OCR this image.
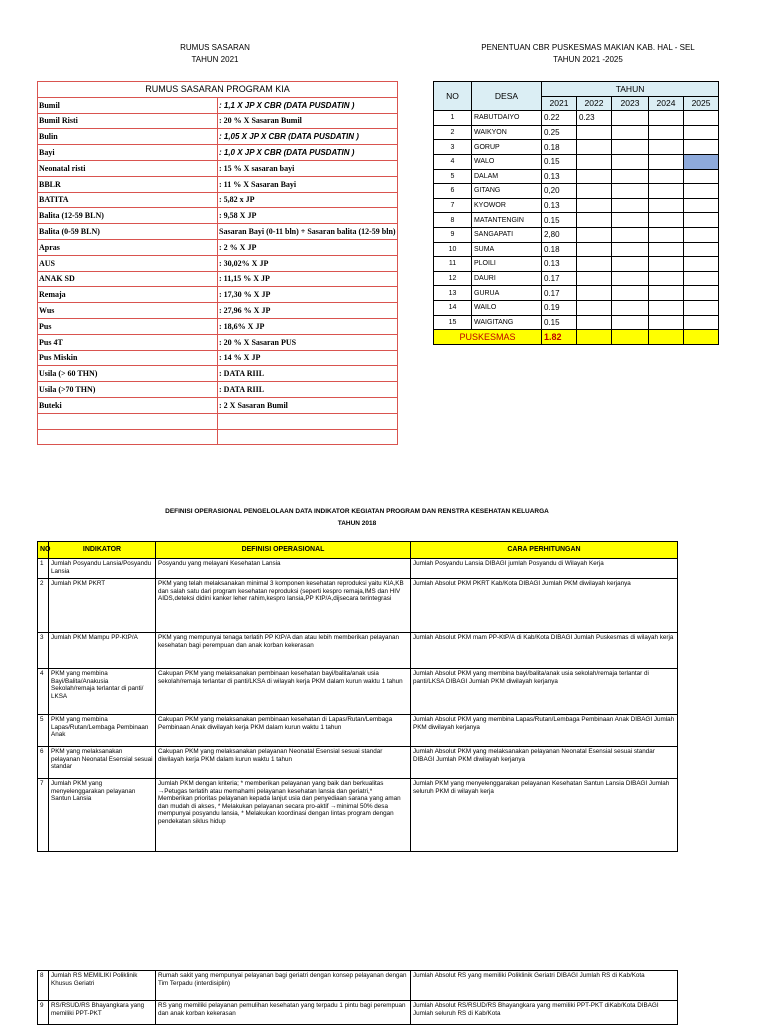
RUMUS SASARAN
TAHUN 2021
PENENTUAN CBR PUSKESMAS MAKIAN KAB. HAL - SEL
TAHUN 2021 -2025
RUMUS SASARAN PROGRAM KIA	
Bumil	: 1,1 X JP X CBR (DATA PUSDATIN )
Bumil Risti	: 20 % X Sasaran Bumil
Bulin	: 1,05 X JP X CBR (DATA PUSDATIN )
Bayi	: 1,0 X JP X CBR (DATA PUSDATIN )
Neonatal risti	: 15 % X sasaran bayi
BBLR	: 11 % X Sasaran Bayi
BATITA	: 5,82 x JP
Balita (12-59 BLN)	: 9,58 X JP
Balita (0-59 BLN)	Sasaran Bayi (0-11 bln) + Sasaran balita (12-59 bln)
Apras	: 2 % X JP
AUS	: 30,02% X JP
ANAK SD	: 11,15 % X JP
Remaja	: 17,30 % X JP
Wus	: 27,96 % X JP
Pus	: 18,6% X JP
Pus 4T	: 20 % X Sasaran PUS
Pus Miskin	: 14 % X JP
Usila (> 60 THN)	: DATA RIIL
Usila (>70 THN)	: DATA RIIL
Buteki	: 2 X Sasaran Bumil

NO	DESA	TAHUN				
		2021	2022	2023	2024	2025
1	RABUTDAIYO	0.22	0.23			
2	WAIKYON	0.25				
3	GORUP	0.18				
4	WALO	0.15				
5	DALAM	0.13				
6	GITANG	0,20				
7	KYOWOR	0.13				
8	MATANTENGIN	0.15				
9	SANGAPATI	2,80				
10	SUMA	0.18				
11	PLOILI	0.13				
12	DAURI	0.17				
13	GURUA	0.17				
14	WAILO	0.19				
15	WAIGITANG	0.15				
PUSKESMAS		1.82				
DEFINISI OPERASIONAL PENGELOLAAN DATA INDIKATOR KEGIATAN PROGRAM DAN RENSTRA KESEHATAN KELUARGA
TAHUN 2018
NO	INDIKATOR	DEFINISI OPERASIONAL	CARA PERHITUNGAN
1	Jumlah Posyandu Lansia/Posyandu Lansia	Posyandu yang melayani Kesehatan Lansia	Jumlah Posyandu Lansia DIBAGI jumlah Posyandu di Wilayah Kerja
2	Jumlah PKM PKRT	PKM yang telah melaksanakan minimal 3 komponen kesehatan reproduksi yaitu KIA,KB dan salah satu dari program kesehatan reproduksi (seperti kespro remaja,IMS dan HIV AIDS,deteksi didini kanker leher rahim,kespro lansia,PP KtP/A,dijsecara terintegrasi	Jumlah Absolut PKM PKRT Kab/Kota DIBAGI Jumlah PKM diwilayah kerjanya
3	Jumlah PKM Mampu PP-KtP/A	PKM yang mempunyai tenaga terlatih PP KtP/A dan atau lebih memberikan pelayanan kesehatan bagi perempuan dan anak korban kekerasan	Jumlah Absolut PKM mam PP-KtP/A di Kab/Kota DIBAGI Jumlah Puskesmas di wilayah kerja
4	PKM yang membina Bayi/Balita/Anakusia Sekolah/remaja terlantar di panti/ LKSA	Cakupan PKM yang melaksanakan pembinaan kesehatan bayi/balita/anak usia sekolah/remaja terlantar di panti/LKSA di wilayah kerja PKM dalam kurun waktu 1 tahun	Jumlah Absolut PKM yang membina bayi/balita/anak usia sekolah/remaja terlantar di panti/LKSA DIBAGI Jumlah PKM diwilayah kerjanya
5	PKM yang membina Lapas/Rutan/Lembaga Pembinaan Anak	Cakupan PKM yang melaksanakan pembinaan kesehatan di Lapas/Rutan/Lembaga Pembinaan Anak diwilayah kerja PKM dalam kurun waktu 1 tahun	Jumlah Absolut PKM yang membina Lapas/Rutan/Lembaga Pembinaan Anak DIBAGI Jumlah PKM diwilayah kerjanya
6	PKM yang melaksanakan pelayanan Neonatal Esensial sesuai standar	Cakupan PKM yang melaksanakan pelayanan Neonatal Esensial sesuai standar diwilayah kerja PKM dalam kurun waktu 1 tahun	Jumlah Absolut PKM yang melaksanakan pelayanan Neonatal Esensial sesuai standar DIBAGI Jumlah PKM diwilayah kerjanya
7	Jumlah PKM yang menyelenggarakan pelayanan Santun Lansia	Jumlah PKM dengan kriteria; * memberikan pelayanan yang baik dan berkualitas →Petugas terlatih atau memahami pelayanan kesehatan lansia dan geriatri,* Memberikan prioritas pelayanan kepada lanjut usia dan penyediaan sarana yang aman dan mudah di akses, * Melakukan pelayanan secara pro-aktif →minimal 50% desa mempunyai posyandu lansia, * Melakukan koordinasi dengan lintas program dengan pendekatan siklus hidup	Jumlah PKM yang menyelenggarakan pelayanan Kesehatan Santun Lansia DIBAGI Jumlah seluruh PKM di wilayah kerja
8	Jumlah RS MEMILIKI Poliklinik Khusus Geriatri	Rumah sakit yang mempunyai pelayanan bagi geriatri dengan konsep pelayanan dengan Tim Terpadu (interdisiplin)	Jumlah Absolut RS yang memiliki Poliklinik Geriatri DIBAGI Jumlah RS di Kab/Kota
9	RS/RSUD/RS Bhayangkara yang memiliki PPT-PKT	RS yang memiliki pelayanan pemulihan kesehatan yang terpadu 1 pintu bagi perempuan dan anak korban kekerasan	Jumlah Absolut RS/RSUD/RS Bhayangkara yang memiliki PPT-PKT diKab/Kota DIBAGI Jumlah seluruh RS di Kab/Kota
